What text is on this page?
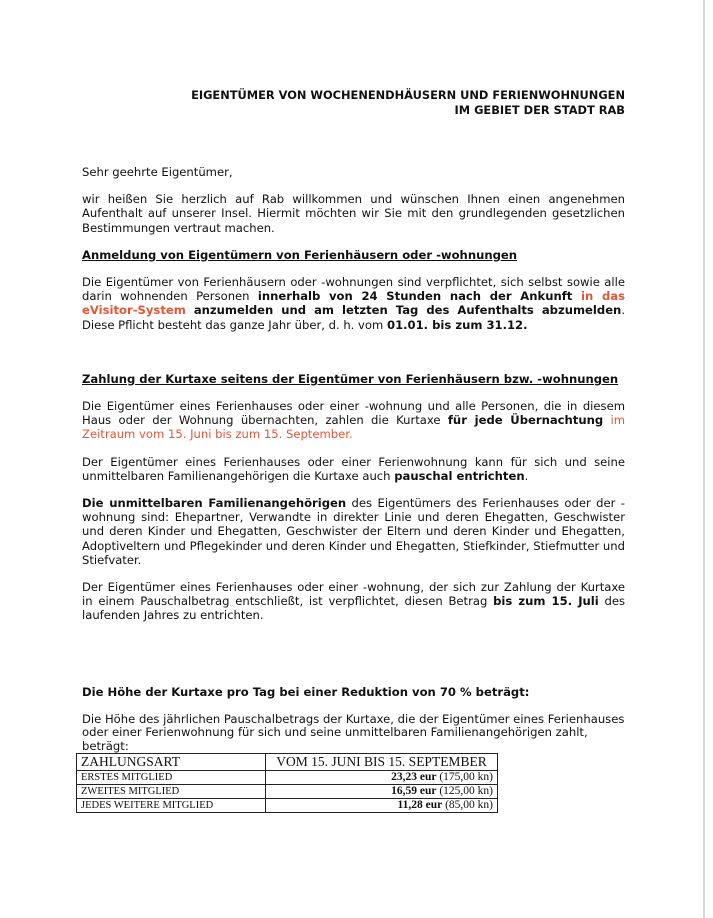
EIGENTÜMER VON WOCHENENDHÄUSERN UND FERIENWOHNUNGEN

IM GEBIET DER STADT RAB

Sehr geehrte Eigentümer,

wir heißen Sie herzlich auf Rab willkommen und wünschen Ihnen einen angenehmen Aufenthalt auf unserer Insel. Hiermit möchten wir Sie mit den grundlegenden gesetzlichen Bestimmungen vertraut machen.

Anmeldung von Eigentümern von Ferienhäusern oder -wohnungen

Die Eigentümer von Ferienhäusern oder -wohnungen sind verpflichtet, sich selbst sowie alle darin wohnenden Personen innerhalb von 24 Stunden nach der Ankunft in das eVisitor-System anzumelden und am letzten Tag des Aufenthalts abzumelden. Diese Pflicht besteht das ganze Jahr über, d. h. vom 01.01. bis zum 31.12.

Zahlung der Kurtaxe seitens der Eigentümer von Ferienhäusern bzw. -wohnungen

Die Eigentümer eines Ferienhauses oder einer -wohnung und alle Personen, die in diesem Haus oder der Wohnung übernachten, zahlen die Kurtaxe für jede Übernachtung im Zeitraum vom 15. Juni bis zum 15. September.

Der Eigentümer eines Ferienhauses oder einer Ferienwohnung kann für sich und seine unmittelbaren Familienangehörigen die Kurtaxe auch pauschal entrichten.

Die unmittelbaren Familienangehörigen des Eigentümers des Ferienhauses oder der -wohnung sind: Ehepartner, Verwandte in direkter Linie und deren Ehegatten, Geschwister und deren Kinder und Ehegatten, Geschwister der Eltern und deren Kinder und Ehegatten, Adoptiveltern und Pflegekinder und deren Kinder und Ehegatten, Stiefkinder, Stiefmutter und Stiefvater.

Der Eigentümer eines Ferienhauses oder einer -wohnung, der sich zur Zahlung der Kurtaxe in einem Pauschalbetrag entschließt, ist verpflichtet, diesen Betrag bis zum 15. Juli des laufenden Jahres zu entrichten.

Die Höhe der Kurtaxe pro Tag bei einer Reduktion von 70 % beträgt:

Die Höhe des jährlichen Pauschalbetrags der Kurtaxe, die der Eigentümer eines Ferienhauses oder einer Ferienwohnung für sich und seine unmittelbaren Familienangehörigen zahlt, beträgt:

ZAHLUNGSART	VOM 15. JUNI BIS 15. SEPTEMBER
ERSTES MITGLIED	23,23 eur (175,00 kn)
ZWEITES MITGLIED	16,59 eur (125,00 kn)
JEDES WEITERE MITGLIED	11,28 eur (85,00 kn)
